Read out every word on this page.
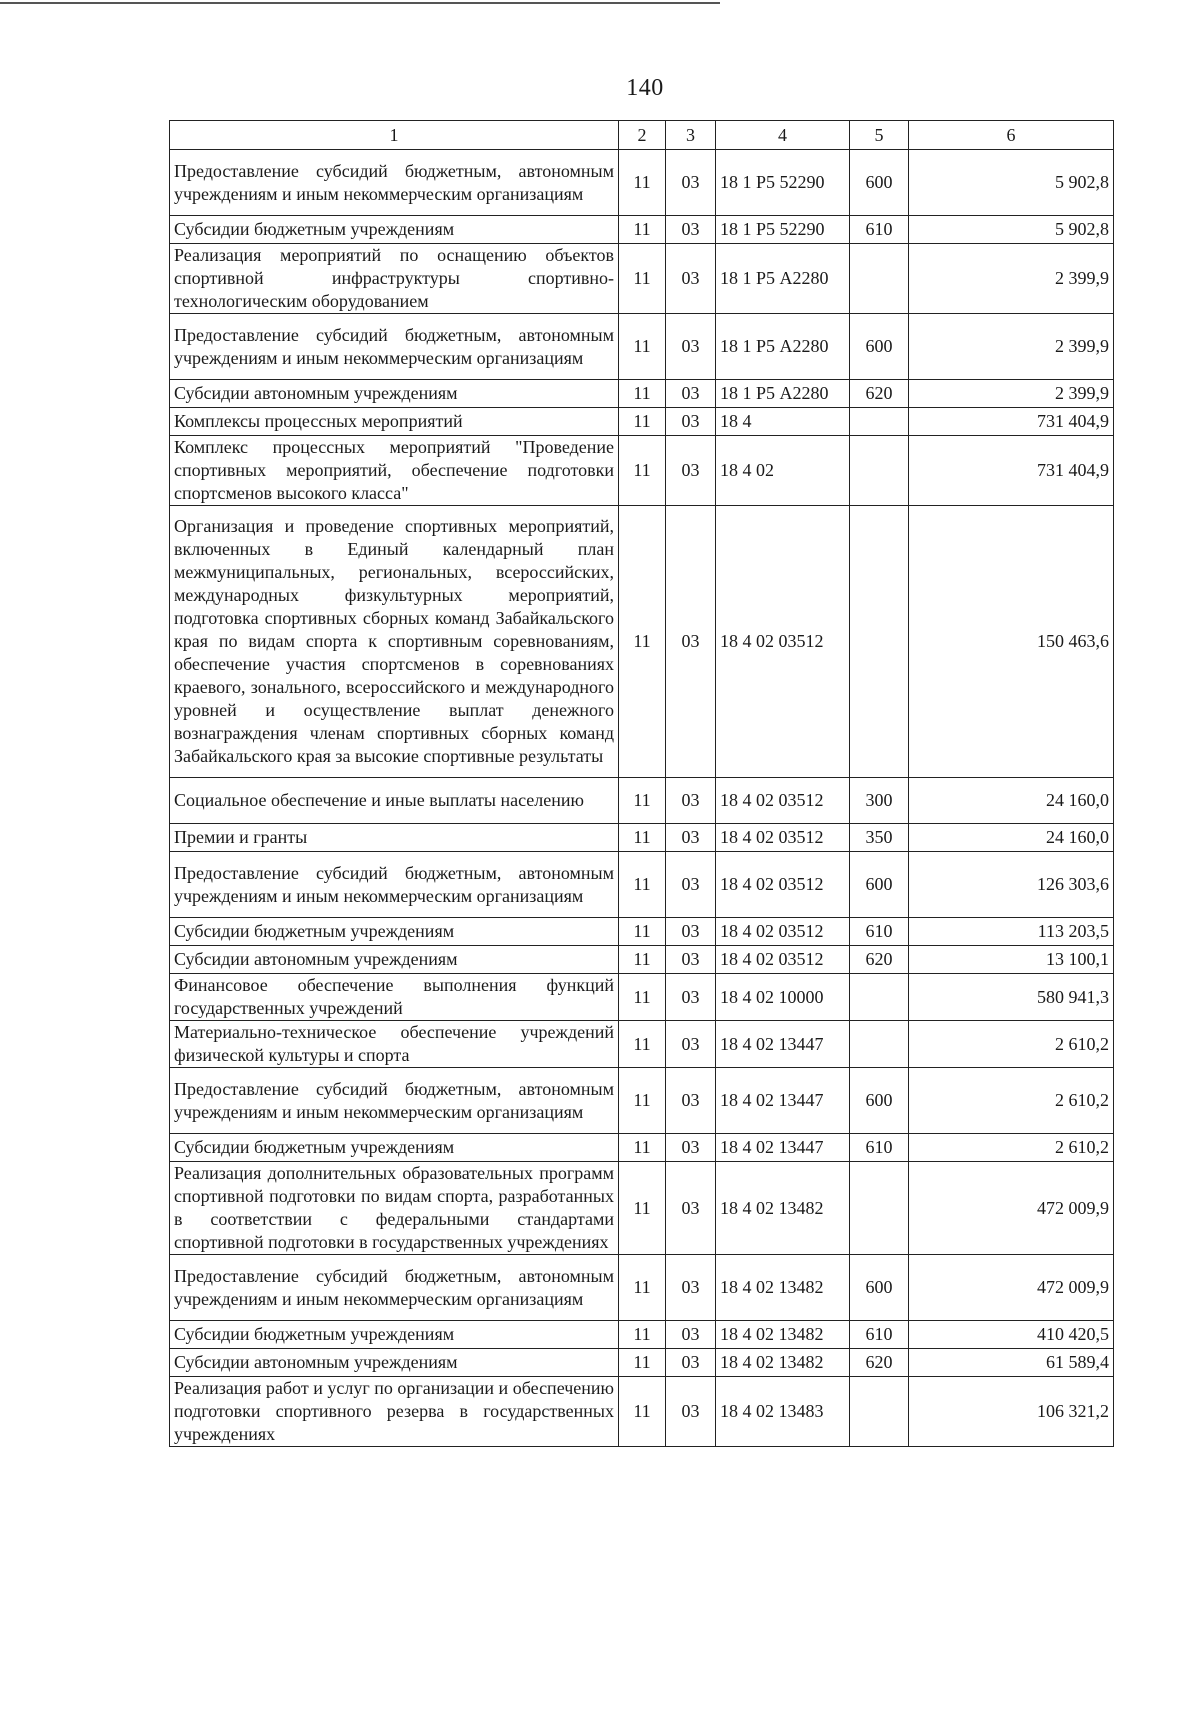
140
1	2	3	4	5	6
Предоставление субсидий бюджетным, автономным учреждениям и иным некоммерческим организациям	11	03	18 1 Р5 52290	600	5 902,8
Субсидии бюджетным учреждениям	11	03	18 1 Р5 52290	610	5 902,8
Реализация мероприятий по оснащению объектов спортивной инфраструктуры спортивно-технологическим оборудованием	11	03	18 1 Р5 А2280		2 399,9
Предоставление субсидий бюджетным, автономным учреждениям и иным некоммерческим организациям	11	03	18 1 Р5 А2280	600	2 399,9
Субсидии автономным учреждениям	11	03	18 1 Р5 А2280	620	2 399,9
Комплексы процессных мероприятий	11	03	18 4		731 404,9
Комплекс процессных мероприятий "Проведение спортивных мероприятий, обеспечение подготовки спортсменов высокого класса"	11	03	18 4 02		731 404,9
Организация и проведение спортивных мероприятий, включенных в Единый календарный план межмуниципальных, региональных, всероссийских, международных физкультурных мероприятий, подготовка спортивных сборных команд Забайкальского края по видам спорта к спортивным соревнованиям, обеспечение участия спортсменов в соревнованиях краевого, зонального, всероссийского и международного уровней и осуществление выплат денежного вознаграждения членам спортивных сборных команд Забайкальского края за высокие спортивные результаты	11	03	18 4 02 03512		150 463,6
Социальное обеспечение и иные выплаты населению	11	03	18 4 02 03512	300	24 160,0
Премии и гранты	11	03	18 4 02 03512	350	24 160,0
Предоставление субсидий бюджетным, автономным учреждениям и иным некоммерческим организациям	11	03	18 4 02 03512	600	126 303,6
Субсидии бюджетным учреждениям	11	03	18 4 02 03512	610	113 203,5
Субсидии автономным учреждениям	11	03	18 4 02 03512	620	13 100,1
Финансовое обеспечение выполнения функций государственных учреждений	11	03	18 4 02 10000		580 941,3
Материально-техническое обеспечение учреждений физической культуры и спорта	11	03	18 4 02 13447		2 610,2
Предоставление субсидий бюджетным, автономным учреждениям и иным некоммерческим организациям	11	03	18 4 02 13447	600	2 610,2
Субсидии бюджетным учреждениям	11	03	18 4 02 13447	610	2 610,2
Реализация дополнительных образовательных программ спортивной подготовки по видам спорта, разработанных в соответствии с федеральными стандартами спортивной подготовки в государственных учреждениях	11	03	18 4 02 13482		472 009,9
Предоставление субсидий бюджетным, автономным учреждениям и иным некоммерческим организациям	11	03	18 4 02 13482	600	472 009,9
Субсидии бюджетным учреждениям	11	03	18 4 02 13482	610	410 420,5
Субсидии автономным учреждениям	11	03	18 4 02 13482	620	61 589,4
Реализация работ и услуг по организации и обеспечению подготовки спортивного резерва в государственных учреждениях	11	03	18 4 02 13483		106 321,2
